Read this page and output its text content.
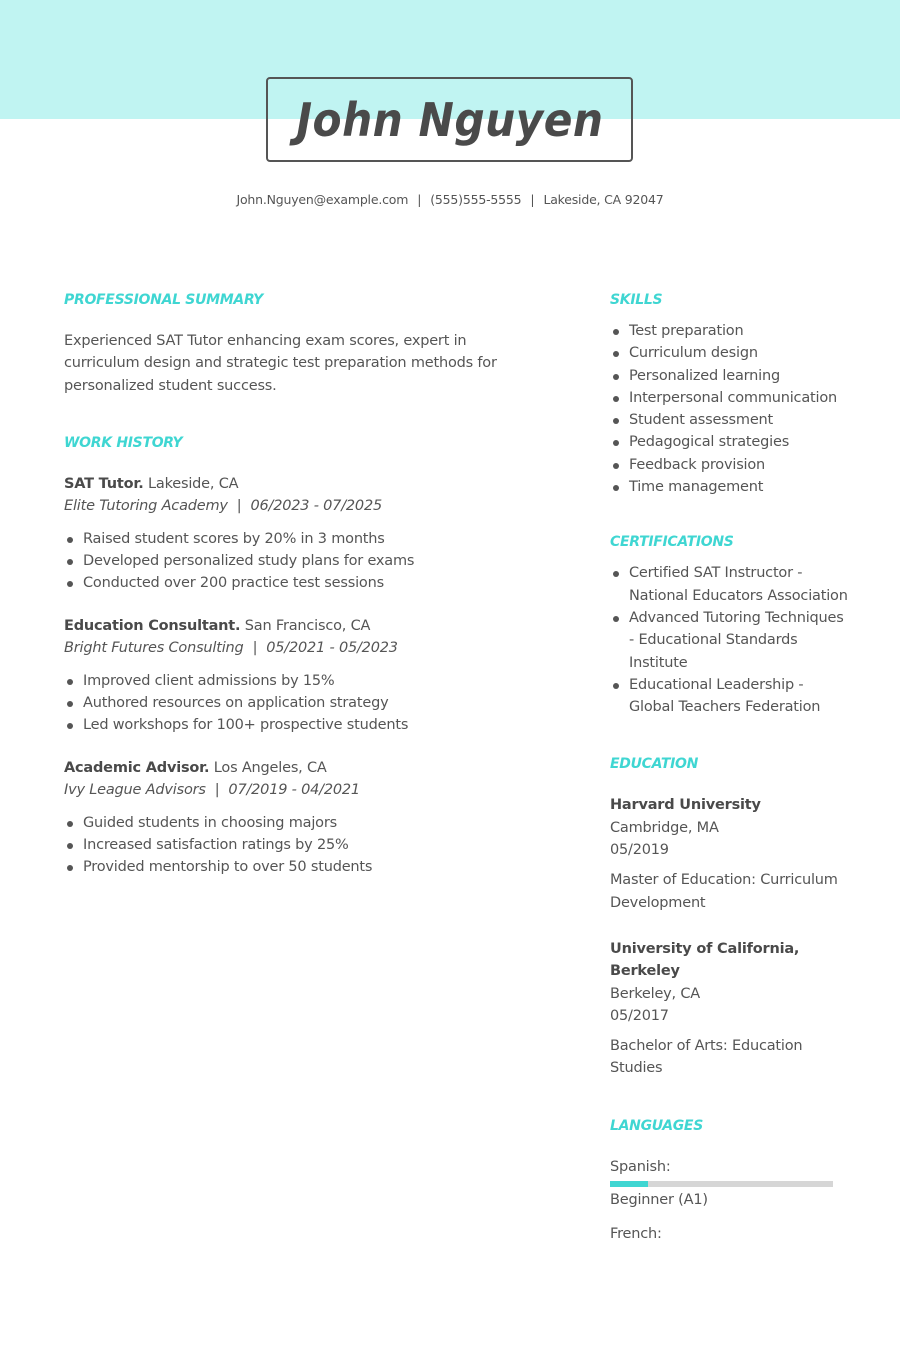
John Nguyen
John.Nguyen@example.com | (555)555-5555 | Lakeside, CA 92047
PROFESSIONAL SUMMARY

Experienced SAT Tutor enhancing exam scores, expert in curriculum design and strategic test preparation methods for personalized student success.

WORK HISTORY
SAT Tutor. Lakeside, CA
Elite Tutoring Academy | 06/2023 - 07/2025
Raised student scores by 20% in 3 months
Developed personalized study plans for exams
Conducted over 200 practice test sessions
Education Consultant. San Francisco, CA
Bright Futures Consulting | 05/2021 - 05/2023
Improved client admissions by 15%
Authored resources on application strategy
Led workshops for 100+ prospective students
Academic Advisor. Los Angeles, CA
Ivy League Advisors | 07/2019 - 04/2021
Guided students in choosing majors
Increased satisfaction ratings by 25%
Provided mentorship to over 50 students
SKILLS
Test preparation
Curriculum design
Personalized learning
Interpersonal communication
Student assessment
Pedagogical strategies
Feedback provision
Time management
CERTIFICATIONS
Certified SAT Instructor - National Educators Association
Advanced Tutoring Techniques - Educational Standards Institute
Educational Leadership - Global Teachers Federation
EDUCATION
Harvard University
Cambridge, MA
05/2019
Master of Education: Curriculum Development
University of California, Berkeley
Berkeley, CA
05/2017
Bachelor of Arts: Education Studies
LANGUAGES
Spanish:
Beginner (A1)
French:
